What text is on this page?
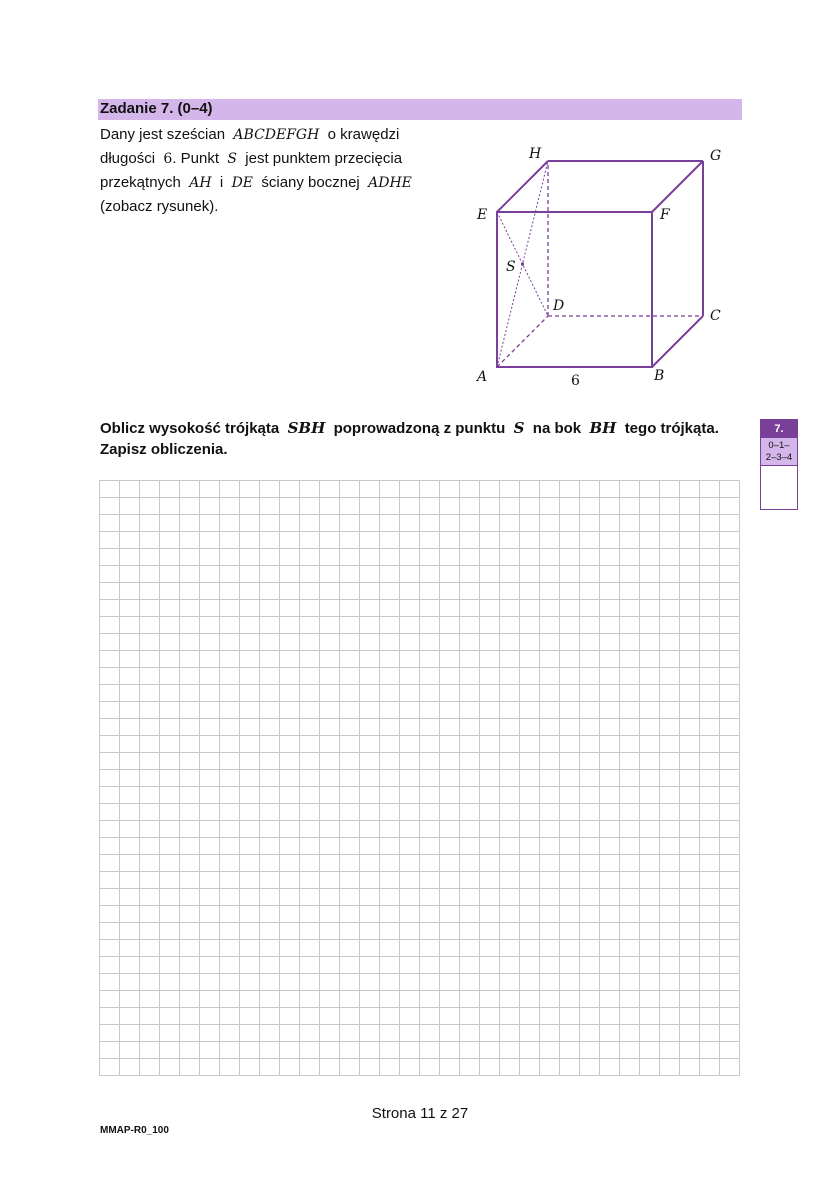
Zadanie 7. (0–4)
Dany jest sześcian ABCDEFGH o krawędzi
długości 6. Punkt S jest punktem przecięcia
przekątnych AH i DE ściany bocznej ADHE
(zobacz rysunek).
A	B
C
D
E	F
G
H
S
6
Oblicz wysokość trójkąta SBH poprowadzoną z punktu S na bok BH tego trójkąta.
Zapisz obliczenia.
7.
0–1–
2–3–4
Strona 11 z 27
MMAP-R0_100
